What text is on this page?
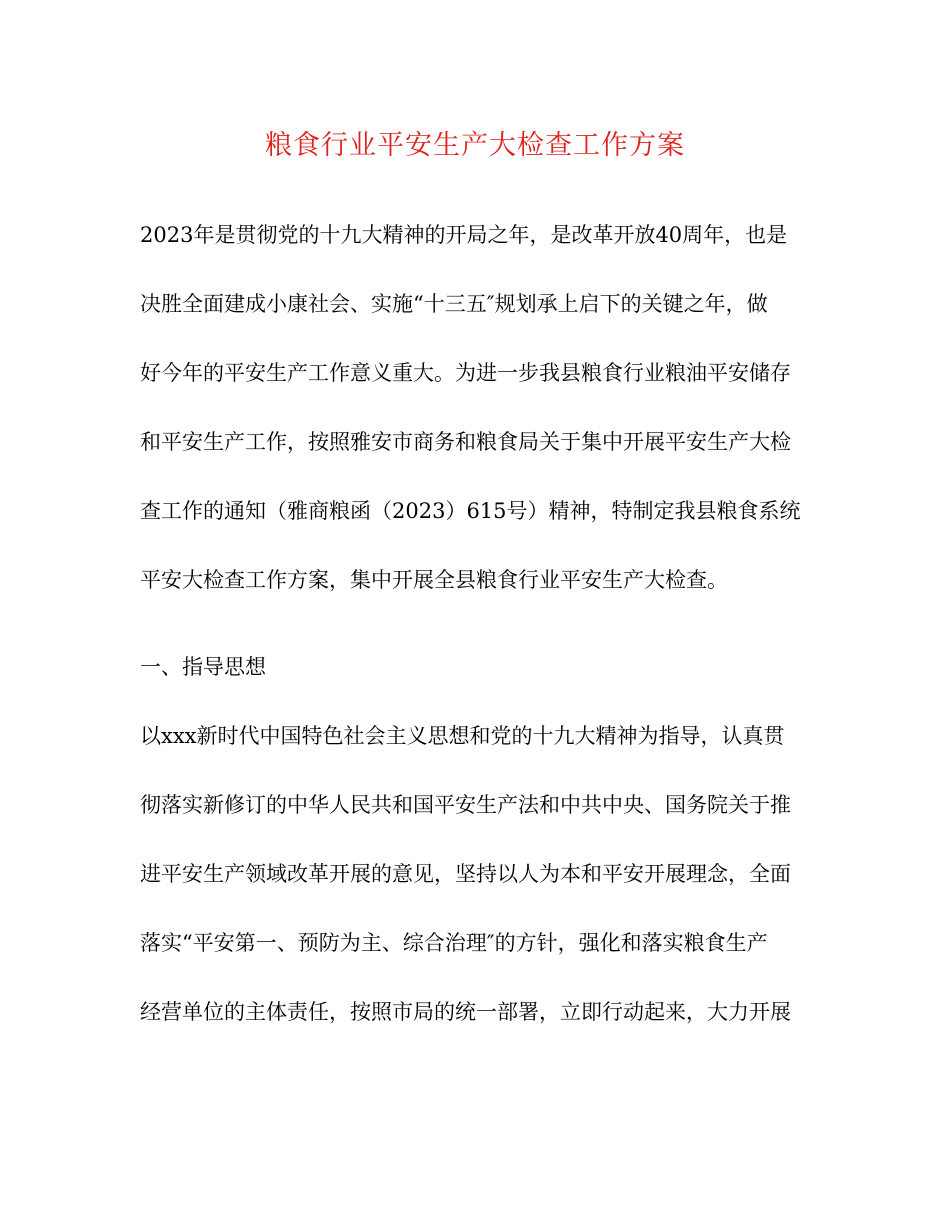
粮食行业平安生产大检查工作方案
2023年是贯彻党的十九大精神的开局之年，是改革开放40周年，也是
决胜全面建成小康社会、实施“十三五″规划承上启下的关键之年，做
好今年的平安生产工作意义重大。为进一步我县粮食行业粮油平安储存
和平安生产工作，按照雅安市商务和粮食局关于集中开展平安生产大检
查工作的通知（雅商粮函（2023）615号）精神，特制定我县粮食系统
平安大检查工作方案，集中开展全县粮食行业平安生产大检查。
一、指导思想
以xxx新时代中国特色社会主义思想和党的十九大精神为指导，认真贯
彻落实新修订的中华人民共和国平安生产法和中共中央、国务院关于推
进平安生产领域改革开展的意见，坚持以人为本和平安开展理念，全面
落实“平安第一、预防为主、综合治理″的方针，强化和落实粮食生产
经营单位的主体责任，按照市局的统一部署，立即行动起来，大力开展
